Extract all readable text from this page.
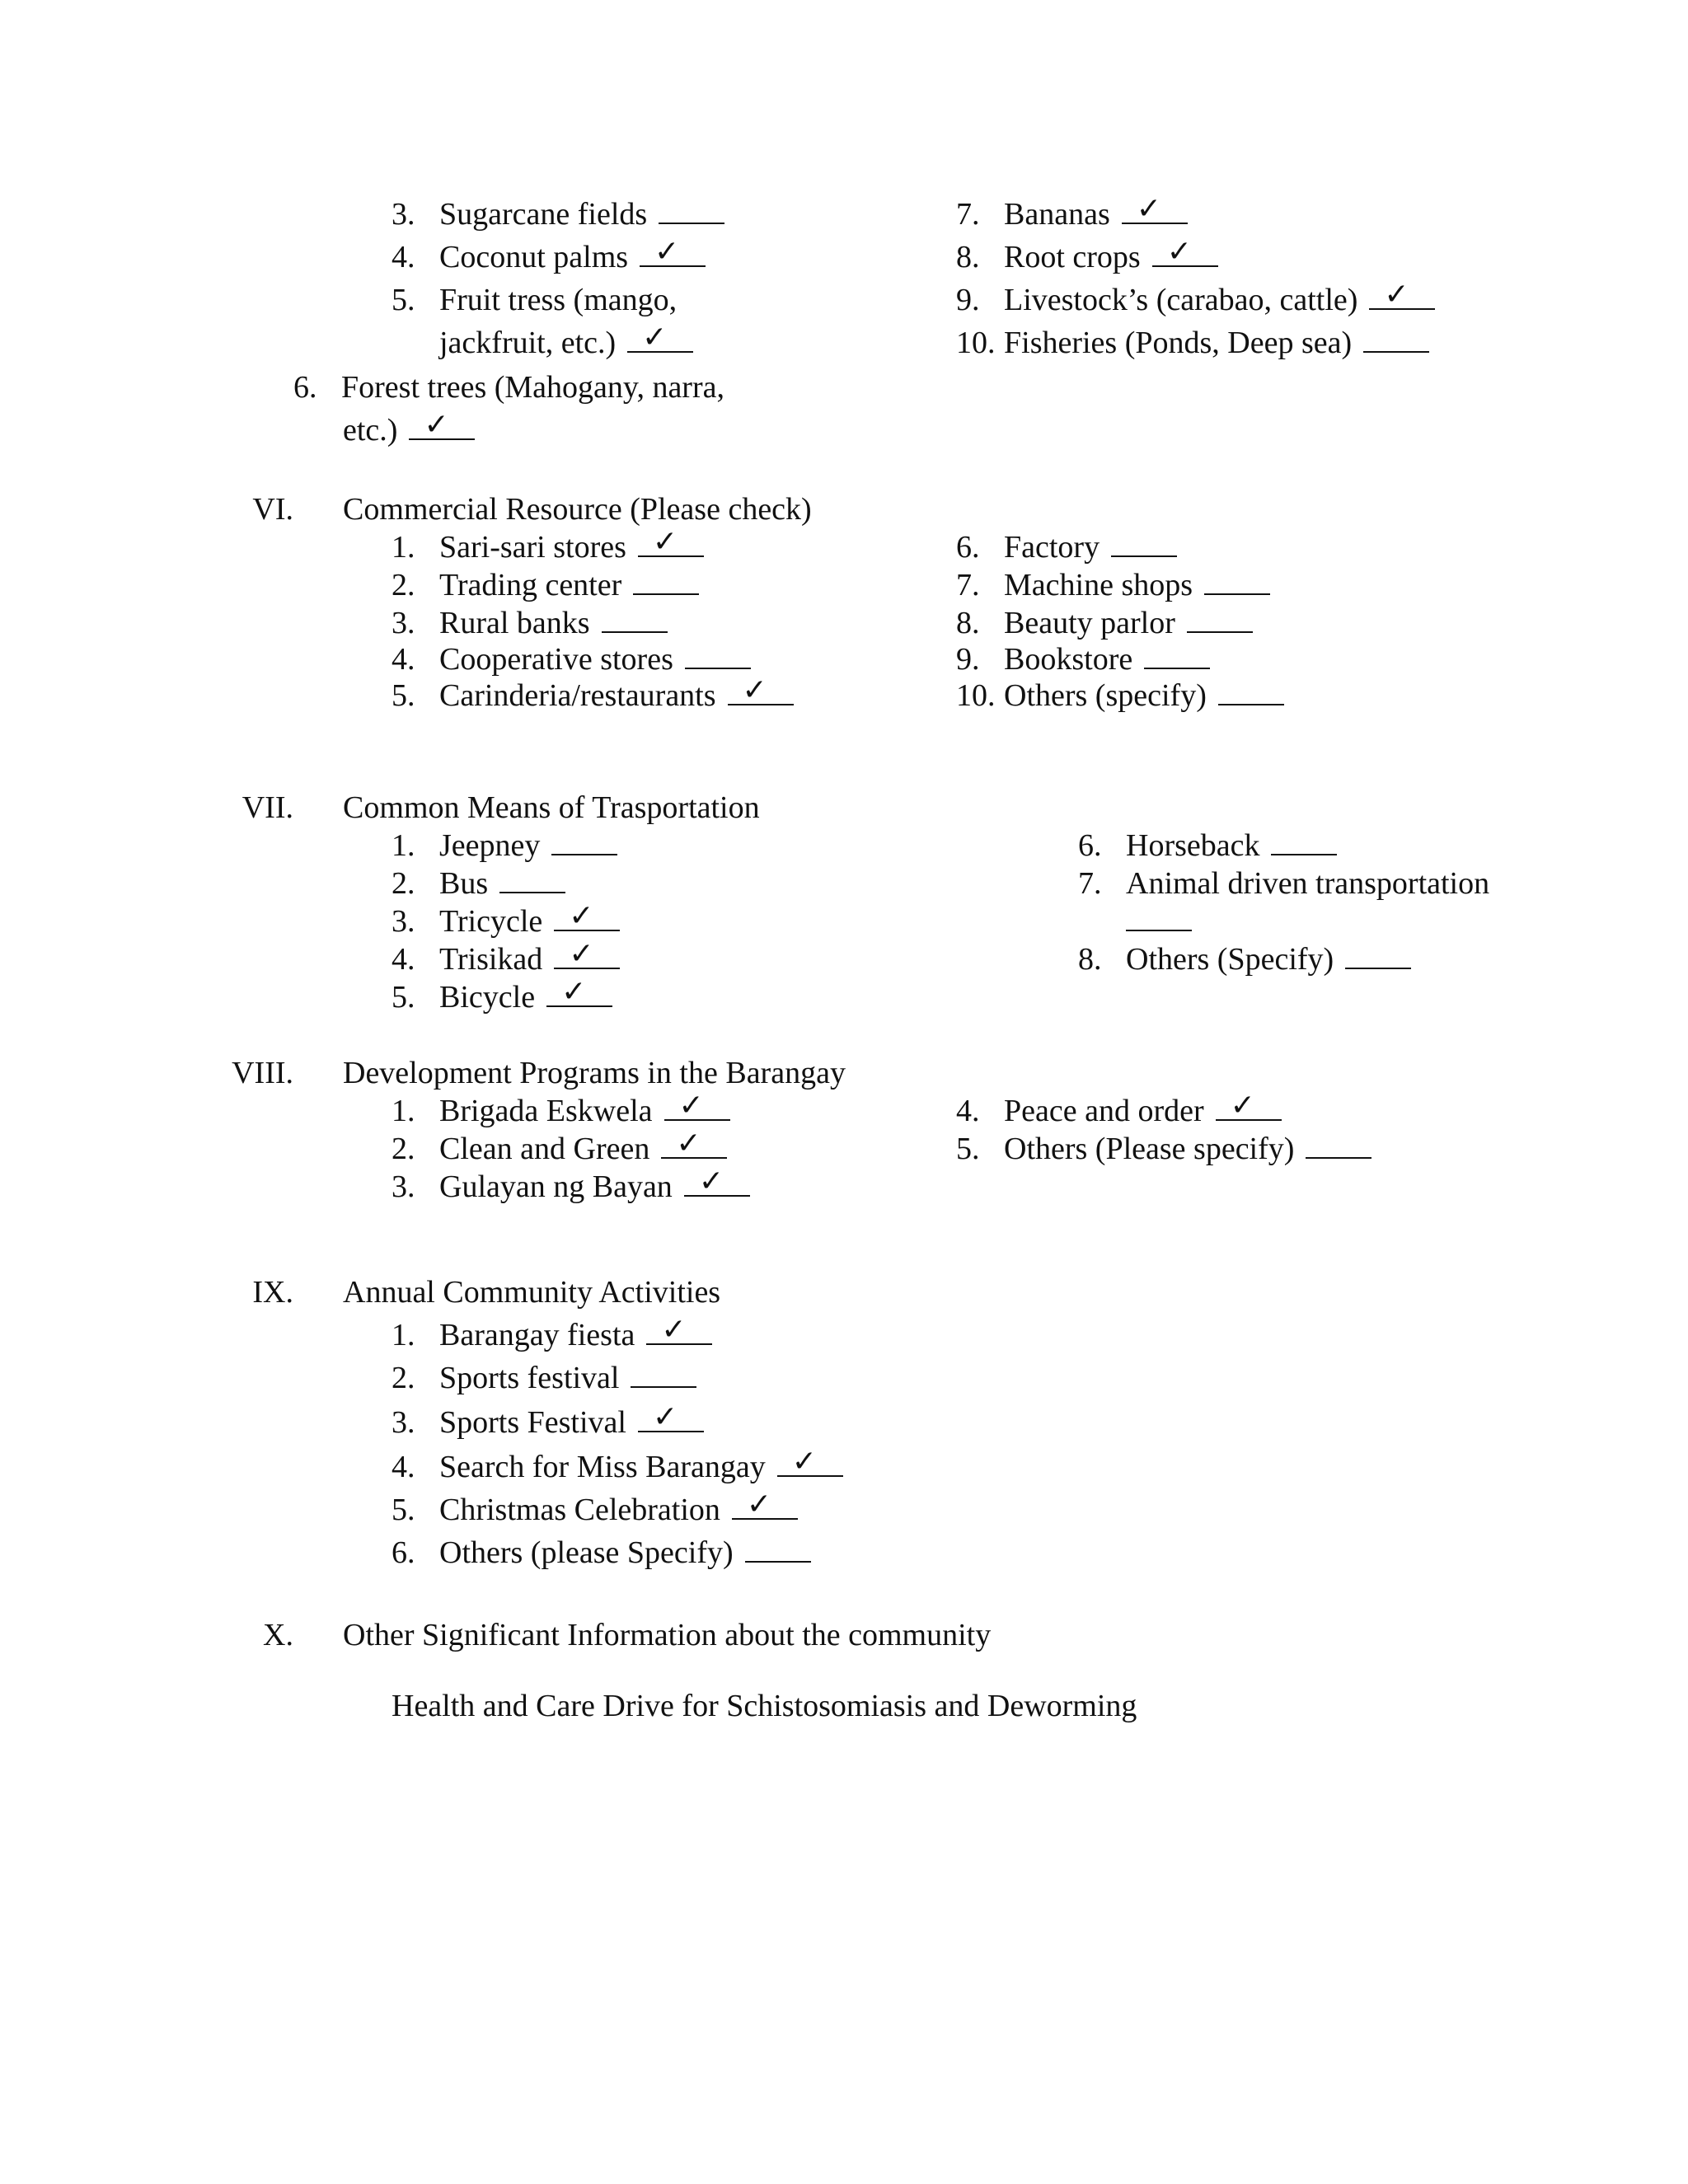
3. Sugarcane fields
4. Coconut palms✓
5. Fruit tress (mango,
jackfruit, etc.)✓
7. Bananas✓
8. Root crops✓
9. Livestock’s (carabao, cattle)✓
10. Fisheries (Ponds, Deep sea)
6. Forest trees (Mahogany, narra,
etc.)✓
VI. Commercial Resource (Please check)
1. Sari-sari stores✓
2. Trading center
3. Rural banks
4. Cooperative stores
5. Carinderia/restaurants✓
6. Factory
7. Machine shops
8. Beauty parlor
9. Bookstore
10. Others (specify)
VII. Common Means of Trasportation
1. Jeepney
2. Bus
3. Tricycle✓
4. Trisikad✓
5. Bicycle✓
6. Horseback
7. Animal driven transportation
8. Others (Specify)
VIII. Development Programs in the Barangay
1. Brigada Eskwela✓
2. Clean and Green✓
3. Gulayan ng Bayan✓
4. Peace and order✓
5. Others (Please specify)
IX. Annual Community Activities
1. Barangay fiesta✓
2. Sports festival
3. Sports Festival✓
4. Search for Miss Barangay✓
5. Christmas Celebration✓
6. Others (please Specify)
X. Other Significant Information about the community
Health and Care Drive for Schistosomiasis and Deworming
